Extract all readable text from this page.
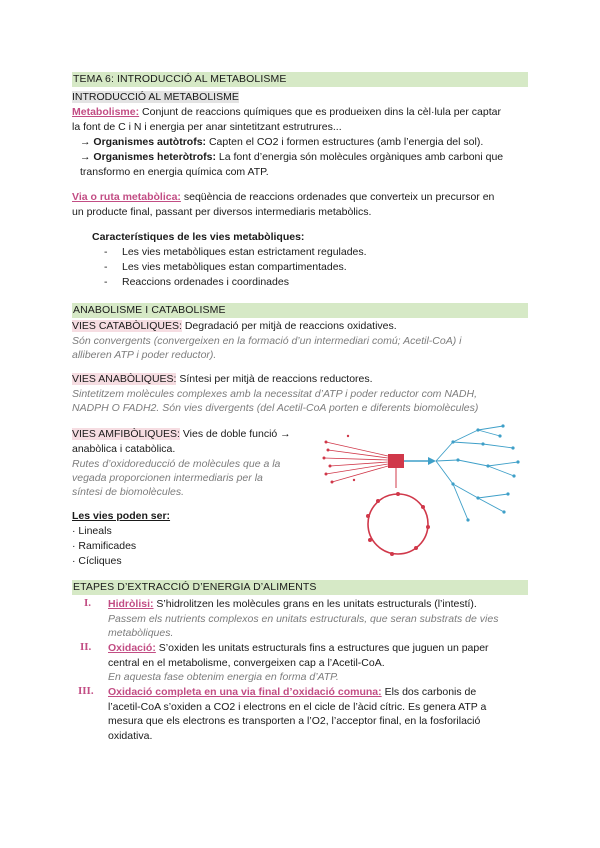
TEMA 6: INTRODUCCIÓ AL METABOLISME
INTRODUCCIÓ AL METABOLISME
Metabolisme: Conjunt de reaccions químiques que es produeixen dins la cèl·lula per captar
la font de C i N i energia per anar sintetitzant estrutrures...
→ Organismes autòtrofs: Capten el CO2 i formen estructures (amb l’energia del sol).
→ Organismes heteròtrofs: La font d’energia són molècules orgàniques amb carboni que
transformo en energia química com ATP.
Via o ruta metabòlica: seqüència de reaccions ordenades que converteix un precursor en
un producte final, passant per diversos intermediaris metabòlics.
Característiques de les vies metabòliques:
- Les vies metabòliques estan estrictament regulades.
- Les vies metabòliques estan compartimentades.
- Reaccions ordenades i coordinades
ANABOLISME I CATABOLISME
VIES CATABÒLIQUES: Degradació per mitjà de reaccions oxidatives.
Són convergents (convergeixen en la formació d’un intermediari comú; Acetil-CoA) i
alliberen ATP i poder reductor).
VIES ANABÒLIQUES: Síntesi per mitjà de reaccions reductores.
Sintetitzem molècules complexes amb la necessitat d’ATP i poder reductor com NADH,
NADPH O FADH2. Són vies divergents (del Acetil-CoA porten e diferents biomolècules)
VIES AMFIBÒLIQUES: Vies de doble funció →
anabòlica i catabòlica.
Rutes d’oxidoreducció de molècules que a la
vegada proporcionen intermediaris per la
síntesi de biomolècules.
Les vies poden ser:
· Lineals
· Ramificades
· Cícliques
ETAPES D’EXTRACCIÓ D’ENERGIA D’ALIMENTS
I. Hidròlisi: S’hidrolitzen les molècules grans en les unitats estructurals (l’intestí).
Passem els nutrients complexos en unitats estructurals, que seran substrats de vies
metabòliques.
II. Oxidació: S’oxiden les unitats estructurals fins a estructures que juguen un paper
central en el metabolisme, convergeixen cap a l’Acetil-CoA.
En aquesta fase obtenim energia en forma d’ATP.
III. Oxidació completa en una via final d’oxidació comuna: Els dos carbonis de
l’acetil-CoA s’oxiden a CO2 i electrons en el cicle de l’àcid cítric. Es genera ATP a
mesura que els electrons es transporten a l’O2, l’acceptor final, en la fosforilació
oxidativa.
